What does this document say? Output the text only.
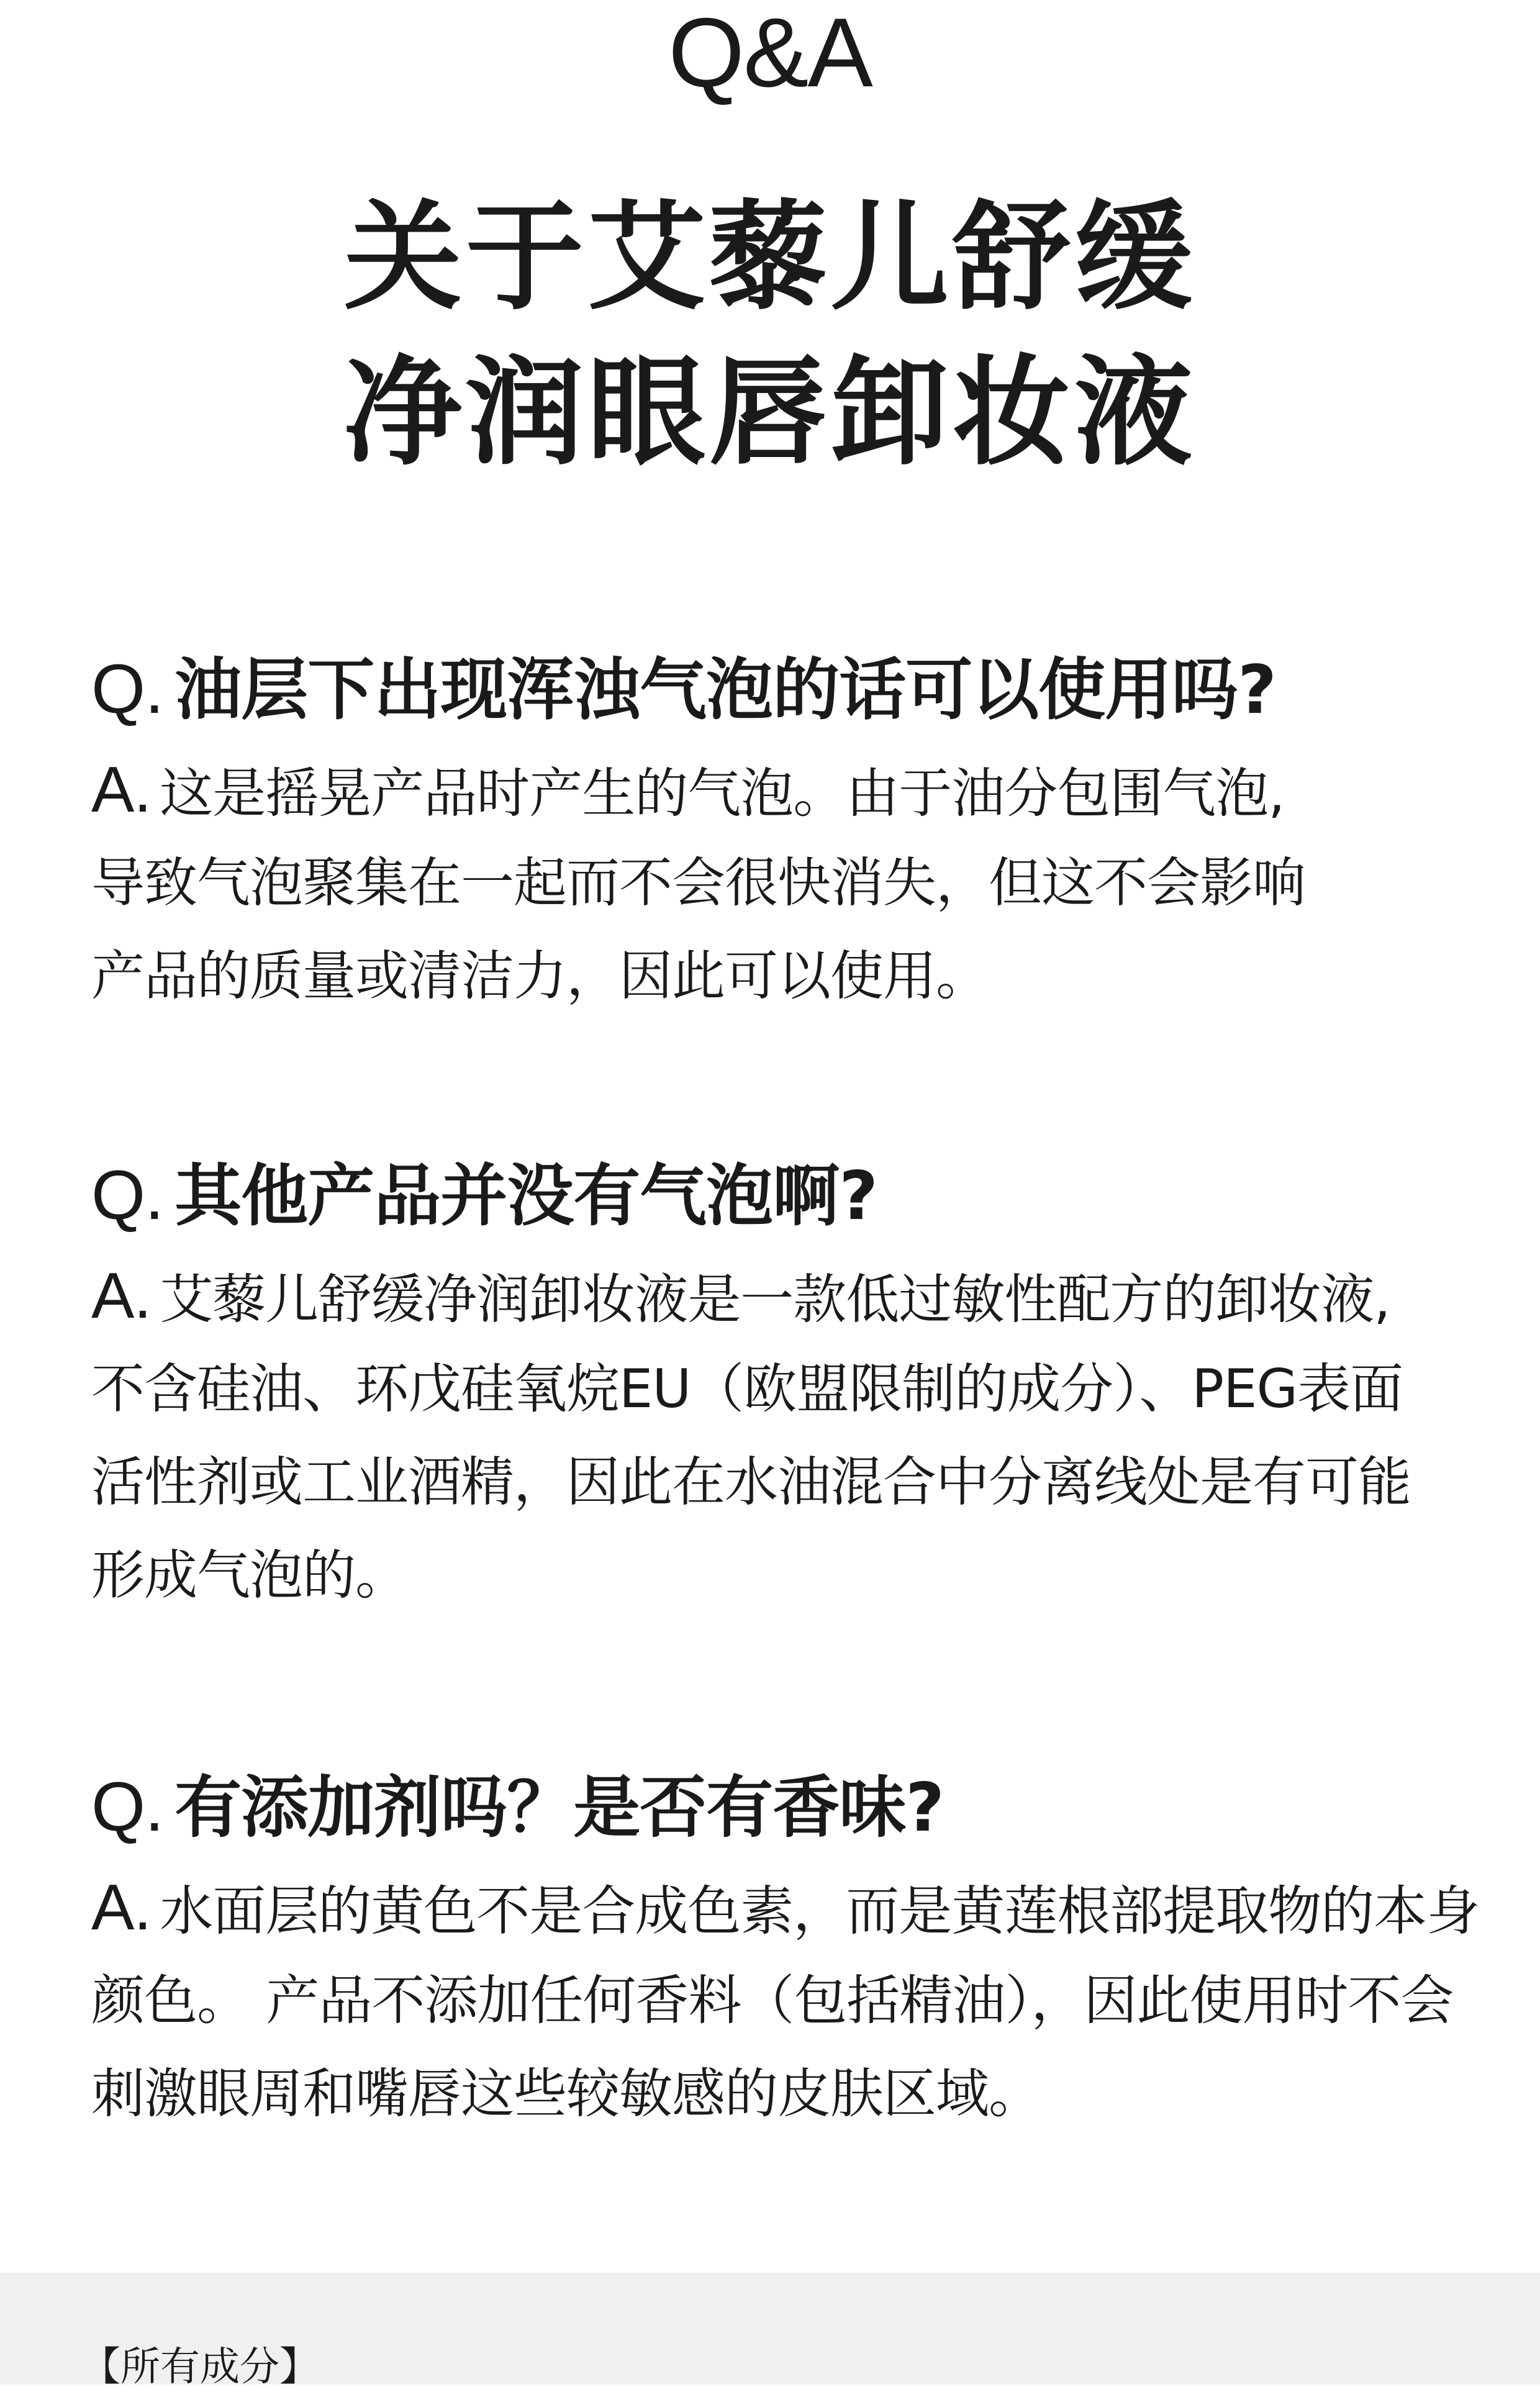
Q&A
关于艾藜儿舒缓
净润眼唇卸妆液
Q. 油层下出现浑浊气泡的话可以使用吗?
A. 这是摇晃产品时产生的气泡。由于油分包围气泡,
导致气泡聚集在一起而不会很快消失，但这不会影响
产品的质量或清洁力，因此可以使用。
Q. 其他产品并没有气泡啊?
A. 艾藜儿舒缓净润卸妆液是一款低过敏性配方的卸妆液,
不含硅油、环戊硅氧烷EU（欧盟限制的成分）、PEG表面
活性剂或工业酒精，因此在水油混合中分离线处是有可能
形成气泡的。
Q. 有添加剂吗？是否有香味?
A. 水面层的黄色不是合成色素，而是黄莲根部提取物的本身
颜色。 产品不添加任何香料（包括精油），因此使用时不会
刺激眼周和嘴唇这些较敏感的皮肤区域。
【所有成分】
